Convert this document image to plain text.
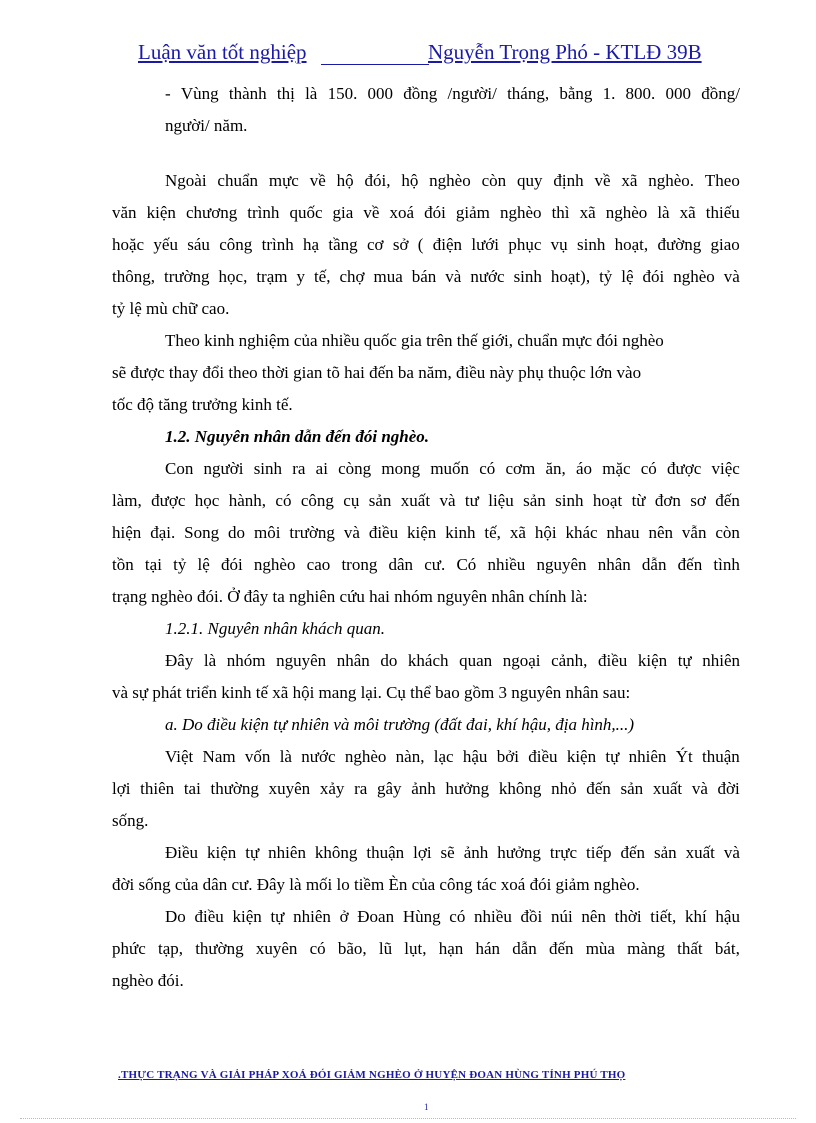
Luận văn tốt nghiệp	Nguyễn Trọng Phó - KTLĐ 39B
- Vùng thành thị là 150. 000 đồng /người/ tháng, bằng 1. 800. 000 đồng/
người/ năm.
Ngoài chuẩn mực về hộ đói, hộ nghèo còn quy định về xã nghèo. Theo
văn kiện chương trình quốc gia về xoá đói giảm nghèo thì xã nghèo là xã thiếu
hoặc yếu sáu công trình hạ tầng cơ sở ( điện lưới phục vụ sinh hoạt, đường giao
thông, trường học, trạm y tế, chợ mua bán và nước sinh hoạt), tỷ lệ đói nghèo và
tỷ lệ mù chữ cao.
Theo kinh nghiệm của nhiều quốc gia trên thế giới, chuẩn mực đói nghèo
sẽ được thay đổi theo thời gian tõ hai đến ba năm, điều này phụ thuộc lớn vào
tốc độ tăng trưởng kinh tế.
1.2. Nguyên nhân dẫn đến đói nghèo.
Con người sinh ra ai còng mong muốn có cơm ăn, áo mặc có được việc
làm, được học hành, có công cụ sản xuất và tư liệu sản sinh hoạt từ đơn sơ đến
hiện đại. Song do môi trường và điều kiện kinh tế, xã hội khác nhau nên vẫn còn
tồn tại tỷ lệ đói nghèo cao trong dân cư. Có nhiều nguyên nhân dẫn đến tình
trạng nghèo đói. Ở đây ta nghiên cứu hai nhóm nguyên nhân chính là:
1.2.1. Nguyên nhân khách quan.
Đây là nhóm nguyên nhân do khách quan ngoại cảnh, điều kiện tự nhiên
và sự phát triển kinh tế xã hội mang lại. Cụ thể bao gồm 3 nguyên nhân sau:
a. Do điều kiện tự nhiên và môi trường (đất đai, khí hậu, địa hình,...)
Việt Nam vốn là nước nghèo nàn, lạc hậu bởi điều kiện tự nhiên Ýt thuận
lợi thiên tai thường xuyên xảy ra gây ảnh hưởng không nhỏ đến sản xuất và đời
sống.
Điều kiện tự nhiên không thuận lợi sẽ ảnh hưởng trực tiếp đến sản xuất và
đời sống của dân cư. Đây là mối lo tiềm Èn của công tác xoá đói giảm nghèo.
Do điều kiện tự nhiên ở Đoan Hùng có nhiều đồi núi nên thời tiết, khí hậu
phức tạp, thường xuyên có bão, lũ lụt, hạn hán dẫn đến mùa màng thất bát,
nghèo đói.
.THỰC TRẠNG VÀ GIẢI PHÁP XOÁ ĐÓI GIẢM NGHÈO Ở HUYỆN ĐOAN HÙNG TỈNH PHÚ THỌ
1
